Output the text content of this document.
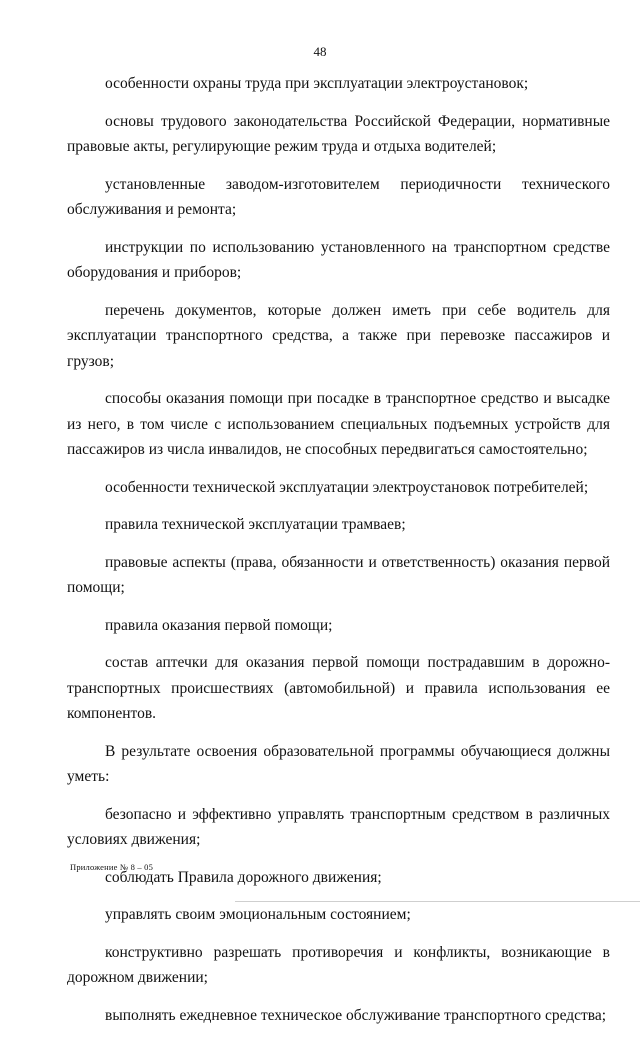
48

особенности охраны труда при эксплуатации электроустановок;

основы трудового законодательства Российской Федерации, нормативные правовые акты, регулирующие режим труда и отдыха водителей;

установленные заводом-изготовителем периодичности технического обслуживания и ремонта;

инструкции по использованию установленного на транспортном средстве оборудования и приборов;

перечень документов, которые должен иметь при себе водитель для эксплуатации транспортного средства, а также при перевозке пассажиров и грузов;

способы оказания помощи при посадке в транспортное средство и высадке из него, в том числе с использованием специальных подъемных устройств для пассажиров из числа инвалидов, не способных передвигаться самостоятельно;

особенности технической эксплуатации электроустановок потребителей;

правила технической эксплуатации трамваев;

правовые аспекты (права, обязанности и ответственность) оказания первой помощи;

правила оказания первой помощи;

состав аптечки для оказания первой помощи пострадавшим в дорожно-транспортных происшествиях (автомобильной) и правила использования ее компонентов.

В результате освоения образовательной программы обучающиеся должны уметь:

безопасно и эффективно управлять транспортным средством в различных условиях движения;

соблюдать Правила дорожного движения;

управлять своим эмоциональным состоянием;

конструктивно разрешать противоречия и конфликты, возникающие в дорожном движении;

выполнять ежедневное техническое обслуживание транспортного средства;

Приложение № 8 – 05
